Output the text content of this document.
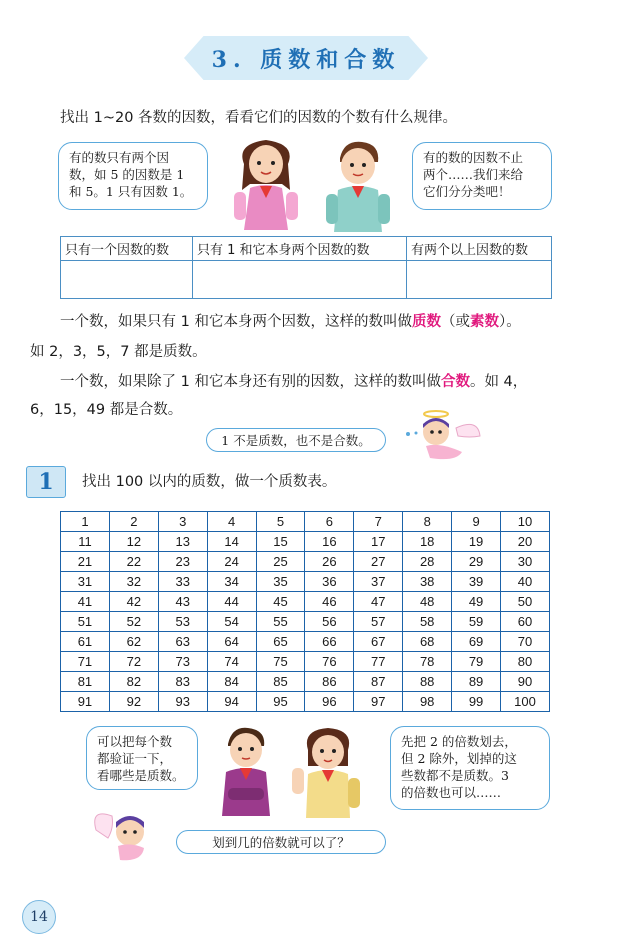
3. 质数和合数
找出 1~20 各数的因数，看看它们的因数的个数有什么规律。
有的数只有两个因
数，如 5 的因数是 1
和 5。1 只有因数 1。
有的数的因数不止
两个……我们来给
它们分分类吧！
只有一个因数的数	只有 1 和它本身两个因数的数	有两个以上因数的数

一个数，如果只有 1 和它本身两个因数，这样的数叫做质数（或素数）。
如 2，3，5，7 都是质数。
一个数，如果除了 1 和它本身还有别的因数，这样的数叫做合数。如 4，
6，15，49 都是合数。
1 不是质数，也不是合数。
1	找出 100 以内的质数，做一个质数表。
1	2	3	4	5	6	7	8	9	10
11	12	13	14	15	16	17	18	19	20
21	22	23	24	25	26	27	28	29	30
31	32	33	34	35	36	37	38	39	40
41	42	43	44	45	46	47	48	49	50
51	52	53	54	55	56	57	58	59	60
61	62	63	64	65	66	67	68	69	70
71	72	73	74	75	76	77	78	79	80
81	82	83	84	85	86	87	88	89	90
91	92	93	94	95	96	97	98	99	100
可以把每个数
都验证一下，
看哪些是质数。
先把 2 的倍数划去，
但 2 除外，划掉的这
些数都不是质数。3
的倍数也可以……
划到几的倍数就可以了？
14
